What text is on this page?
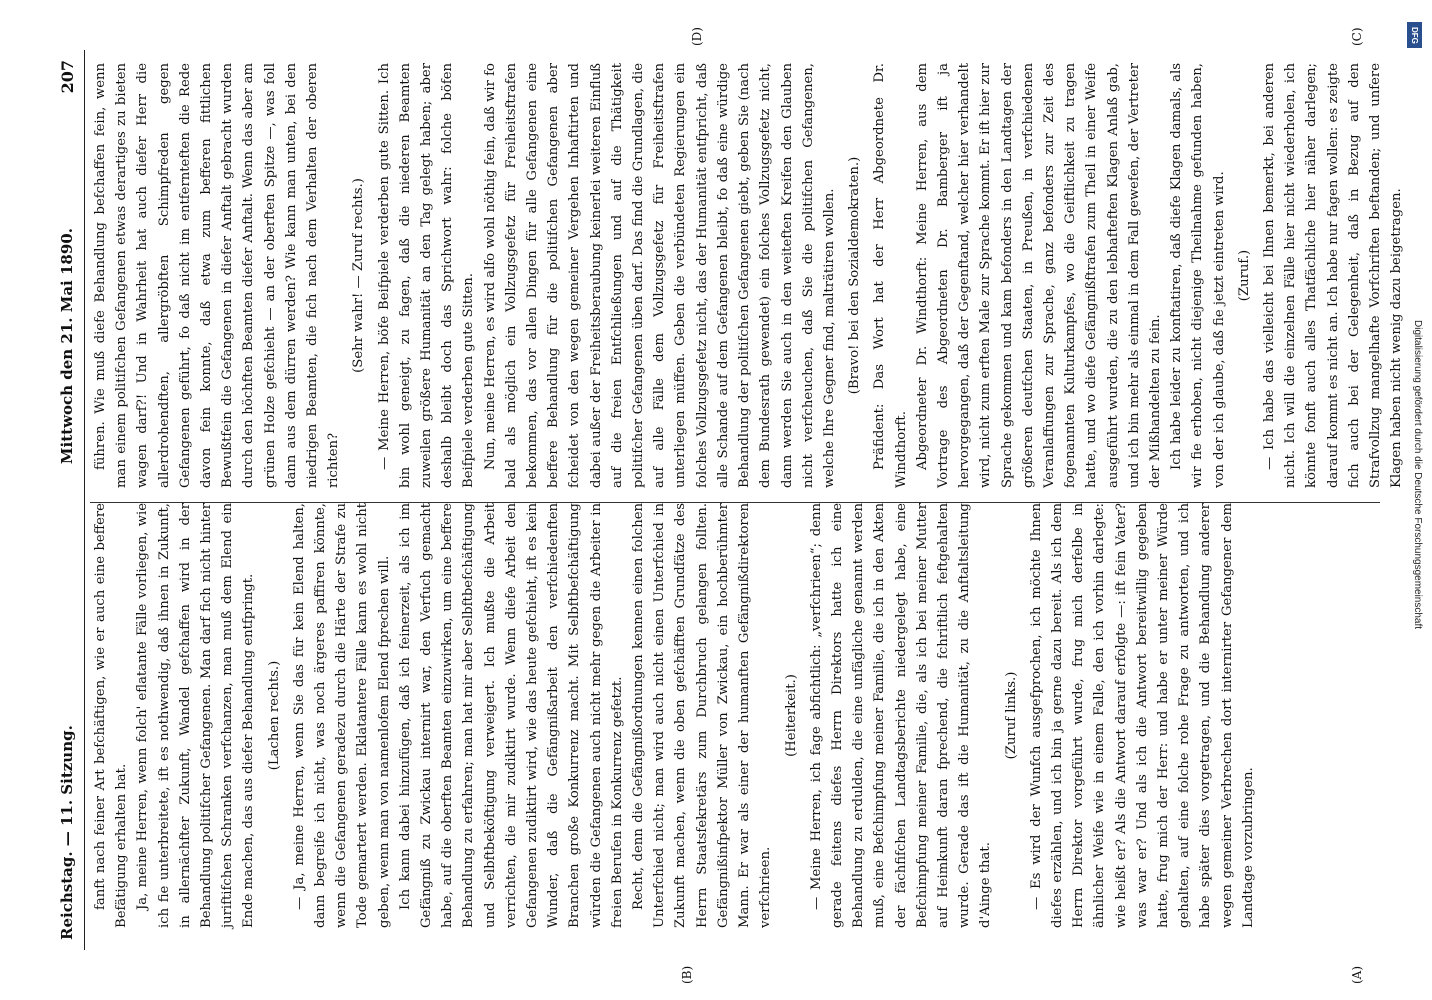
Reichstag. — 11. Sitzung.                                                  Mittwoch den 21. Mai 1890.
207

fanft nach feiner Art befchäftigen, wie er auch eine beffere Befätigung erhalten hat. Ja, meine Herren, wenn folch' eflatante Fälle vorliegen, wie ich fie unterbreitete, ift es nothwendig, daß ihnen in Zukunft, in allernächfter Zukunft, Wandel gefchaffen wird in der Behandlung politifcher Gefangenen. Man darf fich nicht hinter juriftifchen Schranken verfchanzen, man muß dem Elend ein Ende machen, das aus diefer Behandlung entfpringt. (Lachen rechts.) — Ja, meine Herren, wenn Sie das für kein Elend halten, dann begreife ich nicht, was noch ärgeres paffiren könnte, wenn die Gefangenen geradezu durch die Härte der Strafe zu Tode gemartert werden. Eklatantere Fälle kann es wohl nicht geben, wenn man von namenlofem Elend fprechen will. Ich kann dabei hinzufügen, daß ich feinerzeit, als ich im Gefängniß zu Zwickau internirt war, den Verfuch gemacht habe, auf die oberften Beamten einzuwirken, um eine beffere Behandlung zu erfahren; man hat mir aber Selbftbefchäftigung und Selbftbeköftigung verweigert. Ich mußte die Arbeit verrichten, die mir zudiktirt wurde. Wenn diefe Arbeit den Gefangenen zudiktirt wird, wie das heute gefchieht, ift es kein Wunder, daß die Gefängnißarbeit den verfchiedenften Branchen große Konkurrenz macht. Mit Selbftbefchäftigung würden die Gefangenen auch nicht mehr gegen die Arbeiter in freien Berufen in Konkurrenz gefetzt. Recht, denn die Gefängnißordnungen kennen einen folchen Unterfchied nicht; man wird auch nicht einen Unterfchied in Zukunft machen, wenn die oben gefchäfften Grundfätze des Herrn Staatsfekretärs zum Durchbruch gelangen follten. Gefängnißinfpektor Müller von Zwickau, ein hochberühmter Mann. Er war als einer der humanften Gefängnißdirektoren verfchrieen.

(Heiterkeit.) — Meine Herren, ich fage abfichtlich: „verfchrieen“; denn gerade feitens diefes Herrn Direktors hatte ich eine Behandlung zu erdulden, die eine unfägliche genannt werden muß, eine Befchimpfung meiner Familie, die ich in den Akten der fächfifchen Landtagsberichte niedergelegt habe, eine Befchimpfung meiner Familie, die, als ich bei meiner Mutter auf Heimkunft daran fprechend, die fchriftlich feftgehalten wurde. Gerade das ift die Humanität, zu die Anftaltsleitung d'Ainge that.

(Zuruf links.) — Es wird der Wunfch ausgefprochen, ich möchte Ihnen diefes erzählen, und ich bin ja gerne dazu bereit. Als ich dem Herrn Direktor vorgeführt wurde, frug mich derfelbe in ähnlicher Weife wie in einem Falle, den ich vorhin darlegte: wie heißt er? Als die Antwort darauf erfolgte —: ift fein Vater? was war er? Und als ich die Antwort bereitwillig gegeben hatte, frug mich der Herr: und habe er unter meiner Würde gehalten, auf eine folche rohe Frage zu antworten, und ich habe später dies vorgetragen, und die Behandlung anderer wegen gemeiner Verbrechen dort internirter Gefangener dem Landtage vorzubringen.

führen. Wie muß diefe Behandlung befchaffen fein, wenn man einem politifchen Gefangenen etwas derartiges zu bieten wagen darf?! Und in Wahrheit hat auch diefer Herr die allerdrohendften, allergröbften Schimpfreden gegen Gefangenen geführt, fo daß nicht im entfernteften die Rede davon fein konnte, daß etwa zum befferen fittlichen Bewußtfein die Gefangenen in diefer Anftalt gebracht wurden durch den höchften Beamten diefer Anftalt. Wenn das aber am grünen Holze gefchieht — an der oberften Spitze —, was foll dann aus dem dürren werden? Wie kann man unten, bei den niedrigen Beamten, die fich nach dem Verhalten der oberen richten?

(Sehr wahr! — Zuruf rechts.) — Meine Herren, böfe Beifpiele verderben gute Sitten. Ich bin wohl geneigt, zu fagen, daß die niederen Beamten zuweilen größere Humanität an den Tag gelegt haben; aber deshalb bleibt doch das Sprichwort wahr: folche böfen Beifpiele verderben gute Sitten. Nun, meine Herren, es wird alfo wohl nöthig fein, daß wir fo bald als möglich ein Vollzugsgefetz für Freiheitsftrafen bekommen, das vor allen Dingen für alle Gefangenen eine beffere Behandlung für die politifchen Gefangenen aber fcheidet von den wegen gemeiner Vergehen Inhaftirten und dabei außer der Freiheitsberaubung keinerlei weiteren Einfluß auf die freien Entfchließungen und auf die Thätigkeit politifcher Gefangenen üben darf. Das find die Grundlagen, die auf alle Fälle dem Vollzugsgefetz für Freiheitsftrafen unterliegen müffen. Geben die verbündeten Regierungen ein folches Vollzugsgefetz nicht, das der Humanität entfpricht, daß alle Schande auf dem Gefangenen bleibt, fo daß eine würdige Behandlung der politifchen Gefangenen giebt, geben Sie (nach dem Bundesrath gewendet) ein folches Vollzugsgefetz nicht, dann werden Sie auch in den weiteften Kreifen den Glauben nicht verfcheuchen, daß Sie die politifchen Gefangenen, welche Ihre Gegner find, malträtiren wollen. (Bravo! bei den Sozialdemokraten.) Präfident: Das Wort hat der Herr Abgeordnete Dr. Windthorft. Abgeordneter Dr. Windthorft: Meine Herren, aus dem Vortrage des Abgeordneten Dr. Bamberger ift ja hervorgegangen, daß der Gegenftand, welcher hier verhandelt wird, nicht zum erften Male zur Sprache kommt. Er ift hier zur Sprache gekommen und kam befonders in den Landtagen der größeren deutfchen Staaten, in Preußen, in verfchiedenen Veranlaffungen zur Sprache, ganz befonders zur Zeit des fogenannten Kulturkampfes, wo die Geiftlichkeit zu tragen hatte, und wo diefe Gefängnißftrafen zum Theil in einer Weife ausgeführt wurden, die zu den lebhafteften Klagen Anlaß gab, und ich bin mehr als einmal in dem Fall gewefen, der Vertreter der Mißhandelten zu fein. Ich habe leider zu konftatiren, daß diefe Klagen damals, als wir fie erhoben, nicht diejenige Theilnahme gefunden haben, von der ich glaube, daß fie jetzt eintreten wird. (Zuruf.) — Ich habe das vielleicht bei Ihnen bemerkt, bei anderen nicht. Ich will die einzelnen Fälle hier nicht wiederholen, ich könnte fonft auch alles Thatfächliche hier näher darlegen; darauf kommt es nicht an. Ich habe nur fagen wollen: es zeigte fich auch bei der Gelegenheit, daß in Bezug auf den Strafvollzug mangelhafte Vorfchriften beftanden; und unfere Klagen haben nicht wenig dazu beigetragen.

(A)
(B)
(C)
(D)	DFG
Digitalisierung gefördert durch die Deutsche Forschungsgemeinschaft
